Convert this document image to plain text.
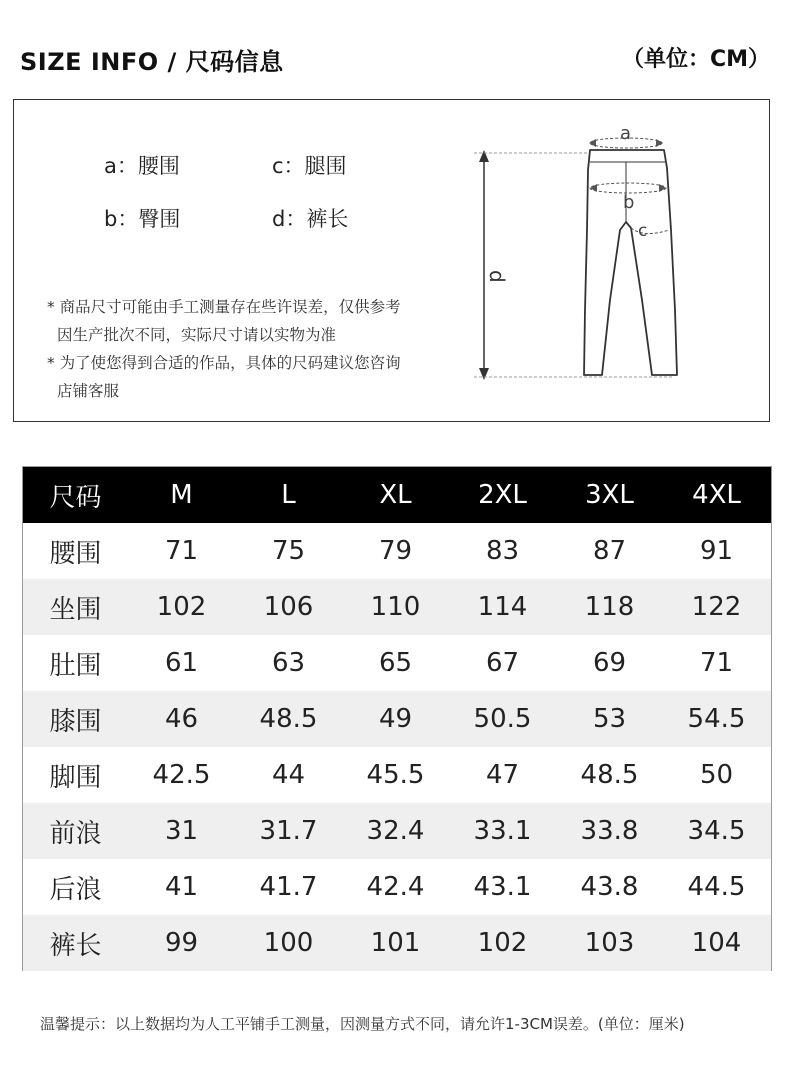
SIZE INFO / 尺码信息	（单位：CM）
a：腰围	c：腿围
b：臀围	d：裤长
* 商品尺寸可能由手工测量存在些许误差，仅供参考
因生产批次不同，实际尺寸请以实物为准
* 为了使您得到合适的作品，具体的尺码建议您咨询
店铺客服
d
a
b
c
尺码	M	L	XL	2XL	3XL	4XL
腰围	71	75	79	83	87	91
坐围	102	106	110	114	118	122
肚围	61	63	65	67	69	71
膝围	46	48.5	49	50.5	53	54.5
脚围	42.5	44	45.5	47	48.5	50
前浪	31	31.7	32.4	33.1	33.8	34.5
后浪	41	41.7	42.4	43.1	43.8	44.5
裤长	99	100	101	102	103	104
温馨提示：以上数据均为人工平铺手工测量，因测量方式不同，请允许1-3CM误差。(单位：厘米)
